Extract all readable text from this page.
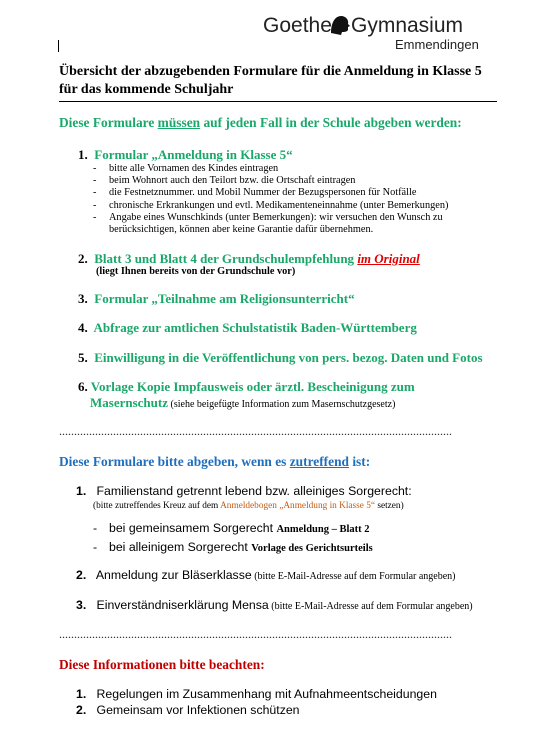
Goethe Gymnasium
Emmendingen
Übersicht der abzugebenden Formulare für die Anmeldung in Klasse 5 für das kommende Schuljahr
Diese Formulare müssen auf jeden Fall in der Schule abgeben werden:
1. Formular „Anmeldung in Klasse 5“
- bitte alle Vornamen des Kindes eintragen
- beim Wohnort auch den Teilort bzw. die Ortschaft eintragen
- die Festnetznummer. und Mobil Nummer der Bezugspersonen für Notfälle
- chronische Erkrankungen und evtl. Medikamenteneinnahme (unter Bemerkungen)
- Angabe eines Wunschkinds (unter Bemerkungen): wir versuchen den Wunsch zu
berücksichtigen, können aber keine Garantie dafür übernehmen.
2. Blatt 3 und Blatt 4 der Grundschulempfehlung im Original
(liegt Ihnen bereits von der Grundschule vor)
3. Formular „Teilnahme am Religionsunterricht“
4. Abfrage zur amtlichen Schulstatistik Baden-Württemberg
5. Einwilligung in die Veröffentlichung von pers. bezog. Daten und Fotos
6. Vorlage Kopie Impfausweis oder ärztl. Bescheinigung zum
Masernschutz (siehe beigefügte Information zum Masernschutzgesetz)
...................................................................................................................................
Diese Formulare bitte abgeben, wenn es zutreffend ist:
1. Familienstand getrennt lebend bzw. alleiniges Sorgerecht:
(bitte zutreffendes Kreuz auf dem Anmeldebogen „Anmeldung in Klasse 5“ setzen)
- bei gemeinsamem Sorgerecht Anmeldung – Blatt 2
- bei alleinigem Sorgerecht Vorlage des Gerichtsurteils
2. Anmeldung zur Bläserklasse (bitte E-Mail-Adresse auf dem Formular angeben)
3. Einverständniserklärung Mensa (bitte E-Mail-Adresse auf dem Formular angeben)
...................................................................................................................................
Diese Informationen bitte beachten:
1. Regelungen im Zusammenhang mit Aufnahmeentscheidungen
2. Gemeinsam vor Infektionen schützen
